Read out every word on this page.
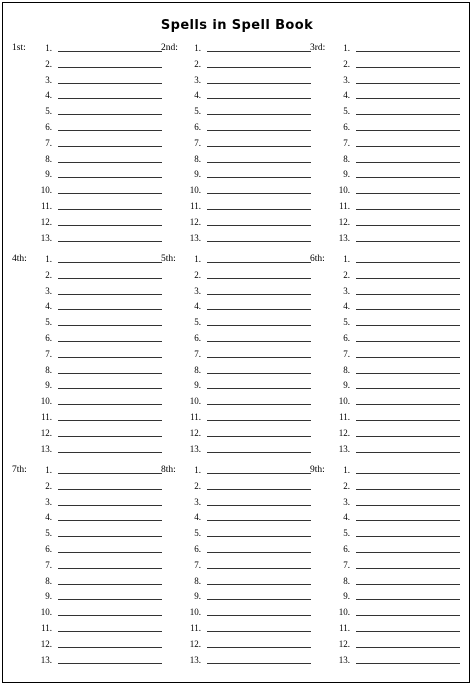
Spells in Spell Book
1st:	1.
2.
3.
4.
5.
6.
7.
8.
9.
10.
11.
12.
13.
2nd:	1.
2.
3.
4.
5.
6.
7.
8.
9.
10.
11.
12.
13.
3rd:	1.
2.
3.
4.
5.
6.
7.
8.
9.
10.
11.
12.
13.
4th:	1.
2.
3.
4.
5.
6.
7.
8.
9.
10.
11.
12.
13.
5th:	1.
2.
3.
4.
5.
6.
7.
8.
9.
10.
11.
12.
13.
6th:	1.
2.
3.
4.
5.
6.
7.
8.
9.
10.
11.
12.
13.
7th:	1.
2.
3.
4.
5.
6.
7.
8.
9.
10.
11.
12.
13.
8th:	1.
2.
3.
4.
5.
6.
7.
8.
9.
10.
11.
12.
13.
9th:	1.
2.
3.
4.
5.
6.
7.
8.
9.
10.
11.
12.
13.
